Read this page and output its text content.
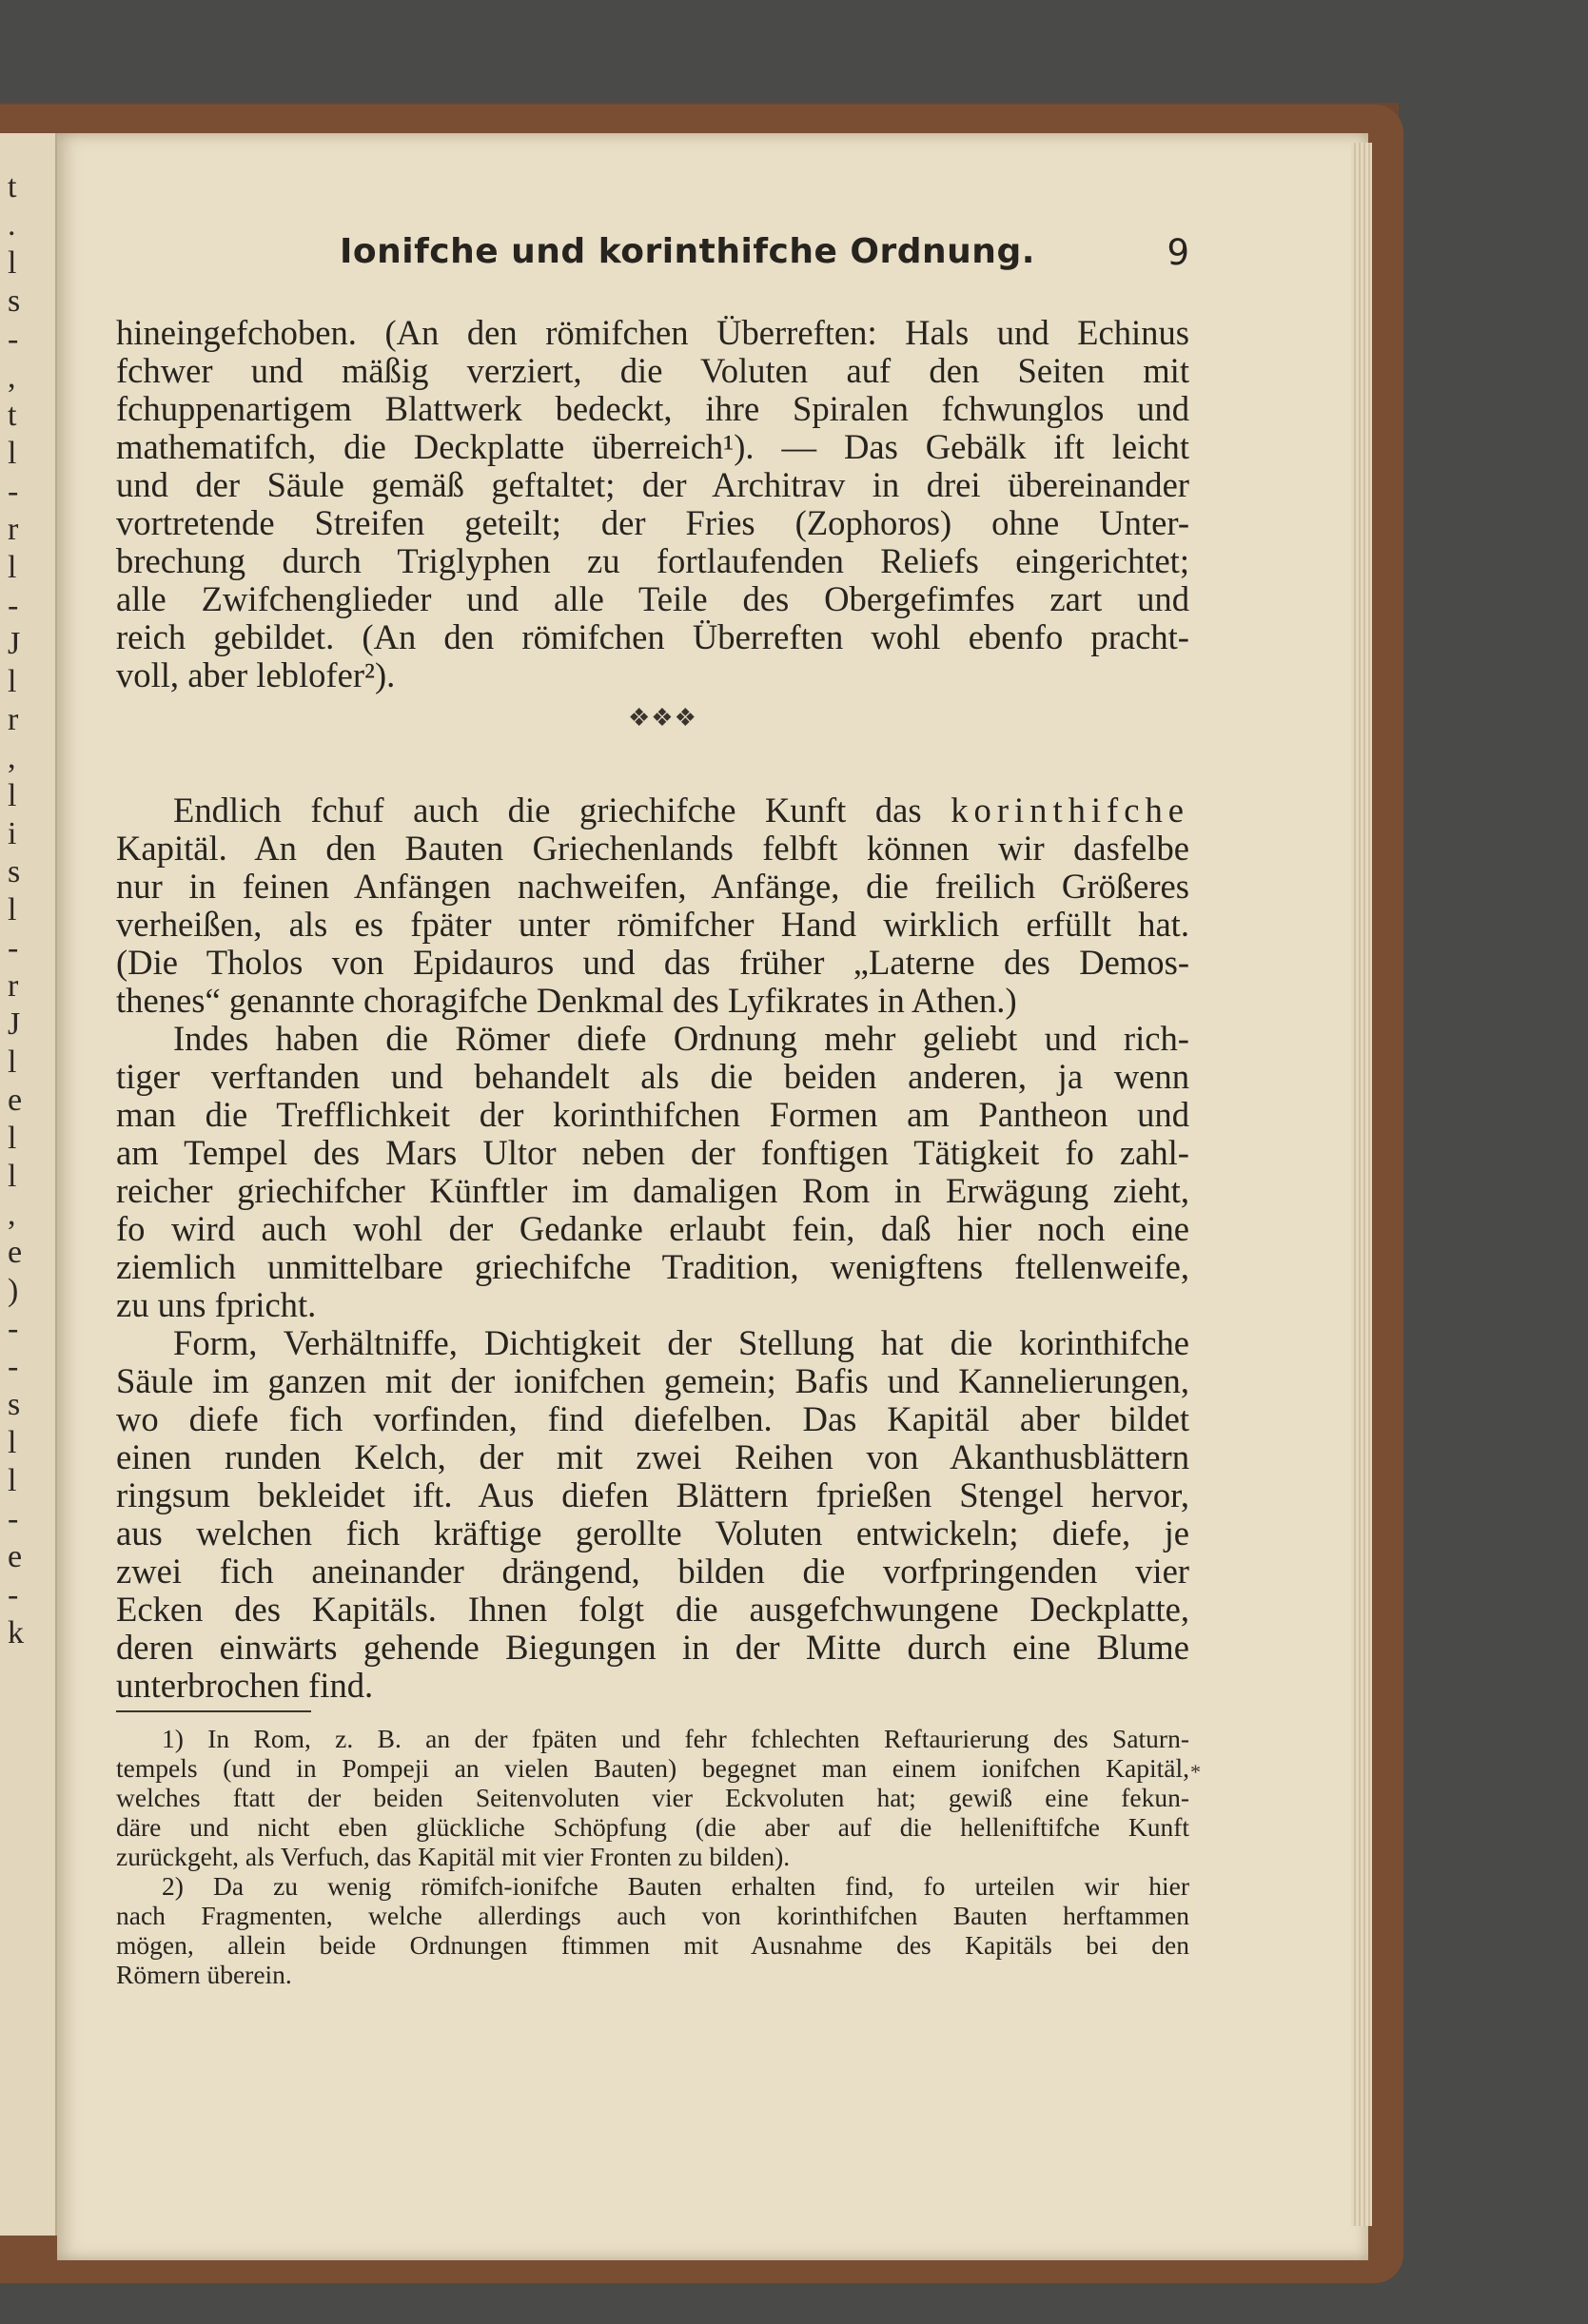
t
.
l
s
-
,
t
l
-
r
l
-
J
l
r
,
l
i
s
l
-
r
J
l
e
l
l
,
e
)
-
-
s
l
l
-
e
-
k
Ionifche und korinthifche Ordnung.	9
hineingefchoben. (An den römifchen Überreften: Hals und Echinus
fchwer und mäßig verziert, die Voluten auf den Seiten mit
fchuppenartigem Blattwerk bedeckt, ihre Spiralen fchwunglos und
mathematifch, die Deckplatte überreich¹). — Das Gebälk ift leicht
und der Säule gemäß geftaltet; der Architrav in drei übereinander
vortretende Streifen geteilt; der Fries (Zophoros) ohne Unter-
brechung durch Triglyphen zu fortlaufenden Reliefs eingerichtet;
alle Zwifchenglieder und alle Teile des Obergefimfes zart und
reich gebildet. (An den römifchen Überreften wohl ebenfo pracht-
voll, aber leblofer²).
❖❖❖
Endlich fchuf auch die griechifche Kunft das korinthifche
Kapitäl. An den Bauten Griechenlands felbft können wir dasfelbe
nur in feinen Anfängen nachweifen, Anfänge, die freilich Größeres
verheißen, als es fpäter unter römifcher Hand wirklich erfüllt hat.
(Die Tholos von Epidauros und das früher „Laterne des Demos-
thenes“ genannte choragifche Denkmal des Lyfikrates in Athen.)
Indes haben die Römer diefe Ordnung mehr geliebt und rich-
tiger verftanden und behandelt als die beiden anderen, ja wenn
man die Trefflichkeit der korinthifchen Formen am Pantheon und
am Tempel des Mars Ultor neben der fonftigen Tätigkeit fo zahl-
reicher griechifcher Künftler im damaligen Rom in Erwägung zieht,
fo wird auch wohl der Gedanke erlaubt fein, daß hier noch eine
ziemlich unmittelbare griechifche Tradition, wenigftens ftellenweife,
zu uns fpricht.
Form, Verhältniffe, Dichtigkeit der Stellung hat die korinthifche
Säule im ganzen mit der ionifchen gemein; Bafis und Kannelierungen,
wo diefe fich vorfinden, find diefelben. Das Kapitäl aber bildet
einen runden Kelch, der mit zwei Reihen von Akanthusblättern
ringsum bekleidet ift. Aus diefen Blättern fprießen Stengel hervor,
aus welchen fich kräftige gerollte Voluten entwickeln; diefe, je
zwei fich aneinander drängend, bilden die vorfpringenden vier
Ecken des Kapitäls. Ihnen folgt die ausgefchwungene Deckplatte,
deren einwärts gehende Biegungen in der Mitte durch eine Blume
unterbrochen find.
1) In Rom, z. B. an der fpäten und fehr fchlechten Reftaurierung des Saturn-
tempels (und in Pompeji an vielen Bauten) begegnet man einem ionifchen Kapitäl,
welches ftatt der beiden Seitenvoluten vier Eckvoluten hat; gewiß eine fekun-
däre und nicht eben glückliche Schöpfung (die aber auf die helleniftifche Kunft
zurückgeht, als Verfuch, das Kapitäl mit vier Fronten zu bilden).
2) Da zu wenig römifch-ionifche Bauten erhalten find, fo urteilen wir hier
nach Fragmenten, welche allerdings auch von korinthifchen Bauten herftammen
mögen, allein beide Ordnungen ftimmen mit Ausnahme des Kapitäls bei den
Römern überein.
*
